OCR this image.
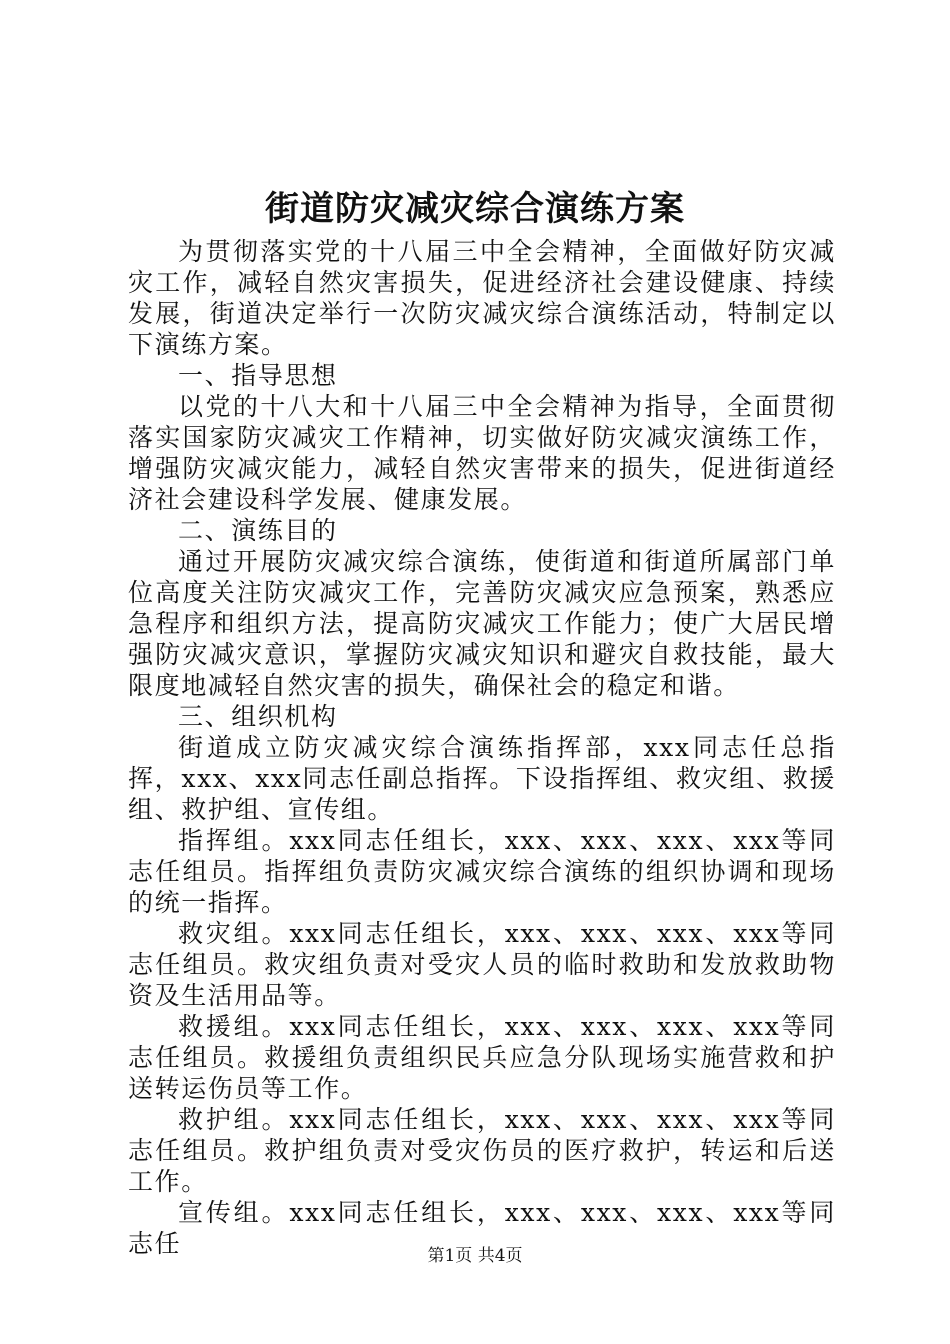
街道防灾减灾综合演练方案

为贯彻落实党的十八届三中全会精神，全面做好防灾减灾工作，减轻自然灾害损失，促进经济社会建设健康、持续发展，街道决定举行一次防灾减灾综合演练活动，特制定以下演练方案。

一、指导思想

以党的十八大和十八届三中全会精神为指导，全面贯彻落实国家防灾减灾工作精神，切实做好防灾减灾演练工作，增强防灾减灾能力，减轻自然灾害带来的损失，促进街道经济社会建设科学发展、健康发展。

二、演练目的

通过开展防灾减灾综合演练，使街道和街道所属部门单位高度关注防灾减灾工作，完善防灾减灾应急预案，熟悉应急程序和组织方法，提高防灾减灾工作能力；使广大居民增强防灾减灾意识，掌握防灾减灾知识和避灾自救技能，最大限度地减轻自然灾害的损失，确保社会的稳定和谐。

三、组织机构

街道成立防灾减灾综合演练指挥部，xxx同志任总指挥，xxx、xxx同志任副总指挥。下设指挥组、救灾组、救援组、救护组、宣传组。

指挥组。xxx同志任组长，xxx、xxx、xxx、xxx等同志任组员。指挥组负责防灾减灾综合演练的组织协调和现场的统一指挥。

救灾组。xxx同志任组长，xxx、xxx、xxx、xxx等同志任组员。救灾组负责对受灾人员的临时救助和发放救助物资及生活用品等。

救援组。xxx同志任组长，xxx、xxx、xxx、xxx等同志任组员。救援组负责组织民兵应急分队现场实施营救和护送转运伤员等工作。

救护组。xxx同志任组长，xxx、xxx、xxx、xxx等同志任组员。救护组负责对受灾伤员的医疗救护，转运和后送工作。

宣传组。xxx同志任组长，xxx、xxx、xxx、xxx等同志任	第1页 共4页
